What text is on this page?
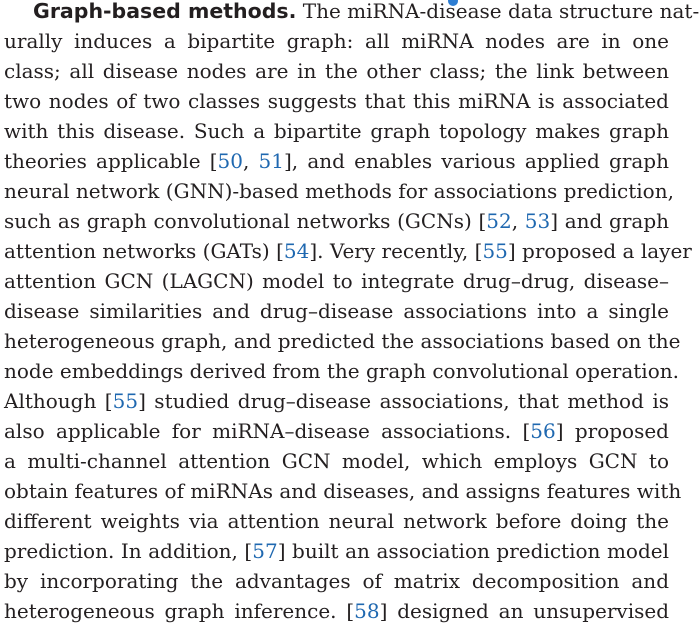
Graph-based methods. The miRNA-disease data structure nat-
urally induces a bipartite graph: all miRNA nodes are in one
class; all disease nodes are in the other class; the link between
two nodes of two classes suggests that this miRNA is associated
with this disease. Such a bipartite graph topology makes graph
theories applicable [50, 51], and enables various applied graph
neural network (GNN)-based methods for associations prediction,
such as graph convolutional networks (GCNs) [52, 53] and graph
attention networks (GATs) [54]. Very recently, [55] proposed a layer
attention GCN (LAGCN) model to integrate drug–drug, disease–
disease similarities and drug–disease associations into a single
heterogeneous graph, and predicted the associations based on the
node embeddings derived from the graph convolutional operation.
Although [55] studied drug–disease associations, that method is
also applicable for miRNA–disease associations. [56] proposed
a multi-channel attention GCN model, which employs GCN to
obtain features of miRNAs and diseases, and assigns features with
different weights via attention neural network before doing the
prediction. In addition, [57] built an association prediction model
by incorporating the advantages of matrix decomposition and
heterogeneous graph inference. [58] designed an unsupervised
